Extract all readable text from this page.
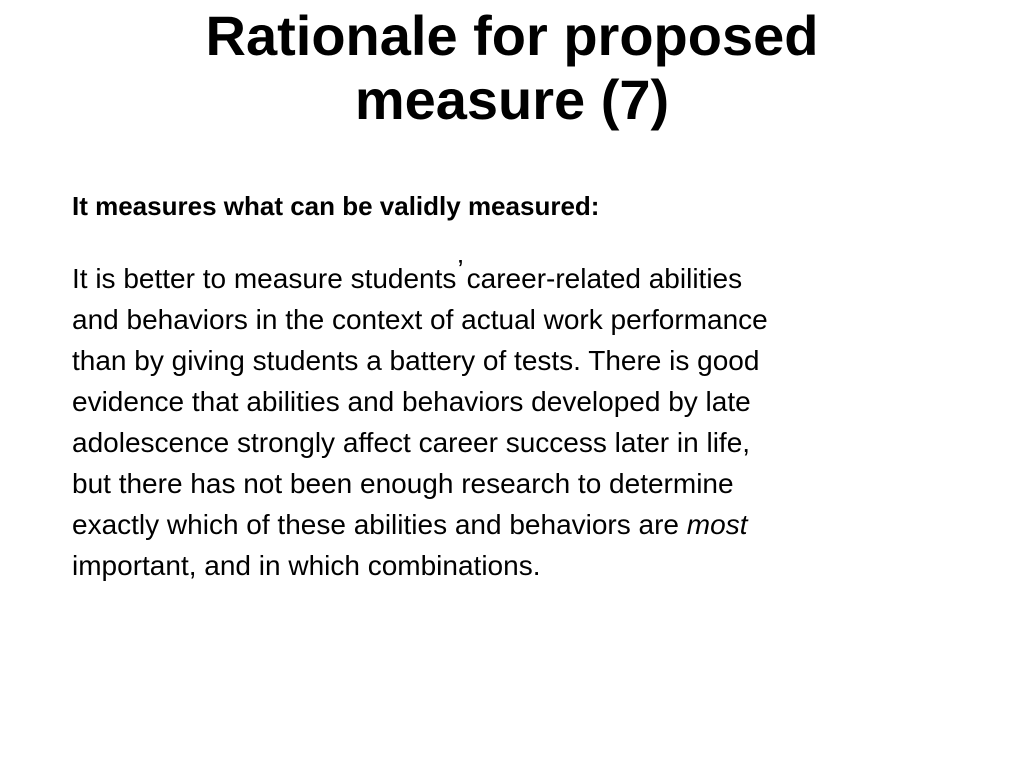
Rationale for proposed
measure (7)

It measures what can be validly measured:

It is better to measure students’ career-related abilities
and behaviors in the context of actual work performance
than by giving students a battery of tests. There is good
evidence that abilities and behaviors developed by late
adolescence strongly affect career success later in life,
but there has not been enough research to determine
exactly which of these abilities and behaviors are most
important, and in which combinations.
